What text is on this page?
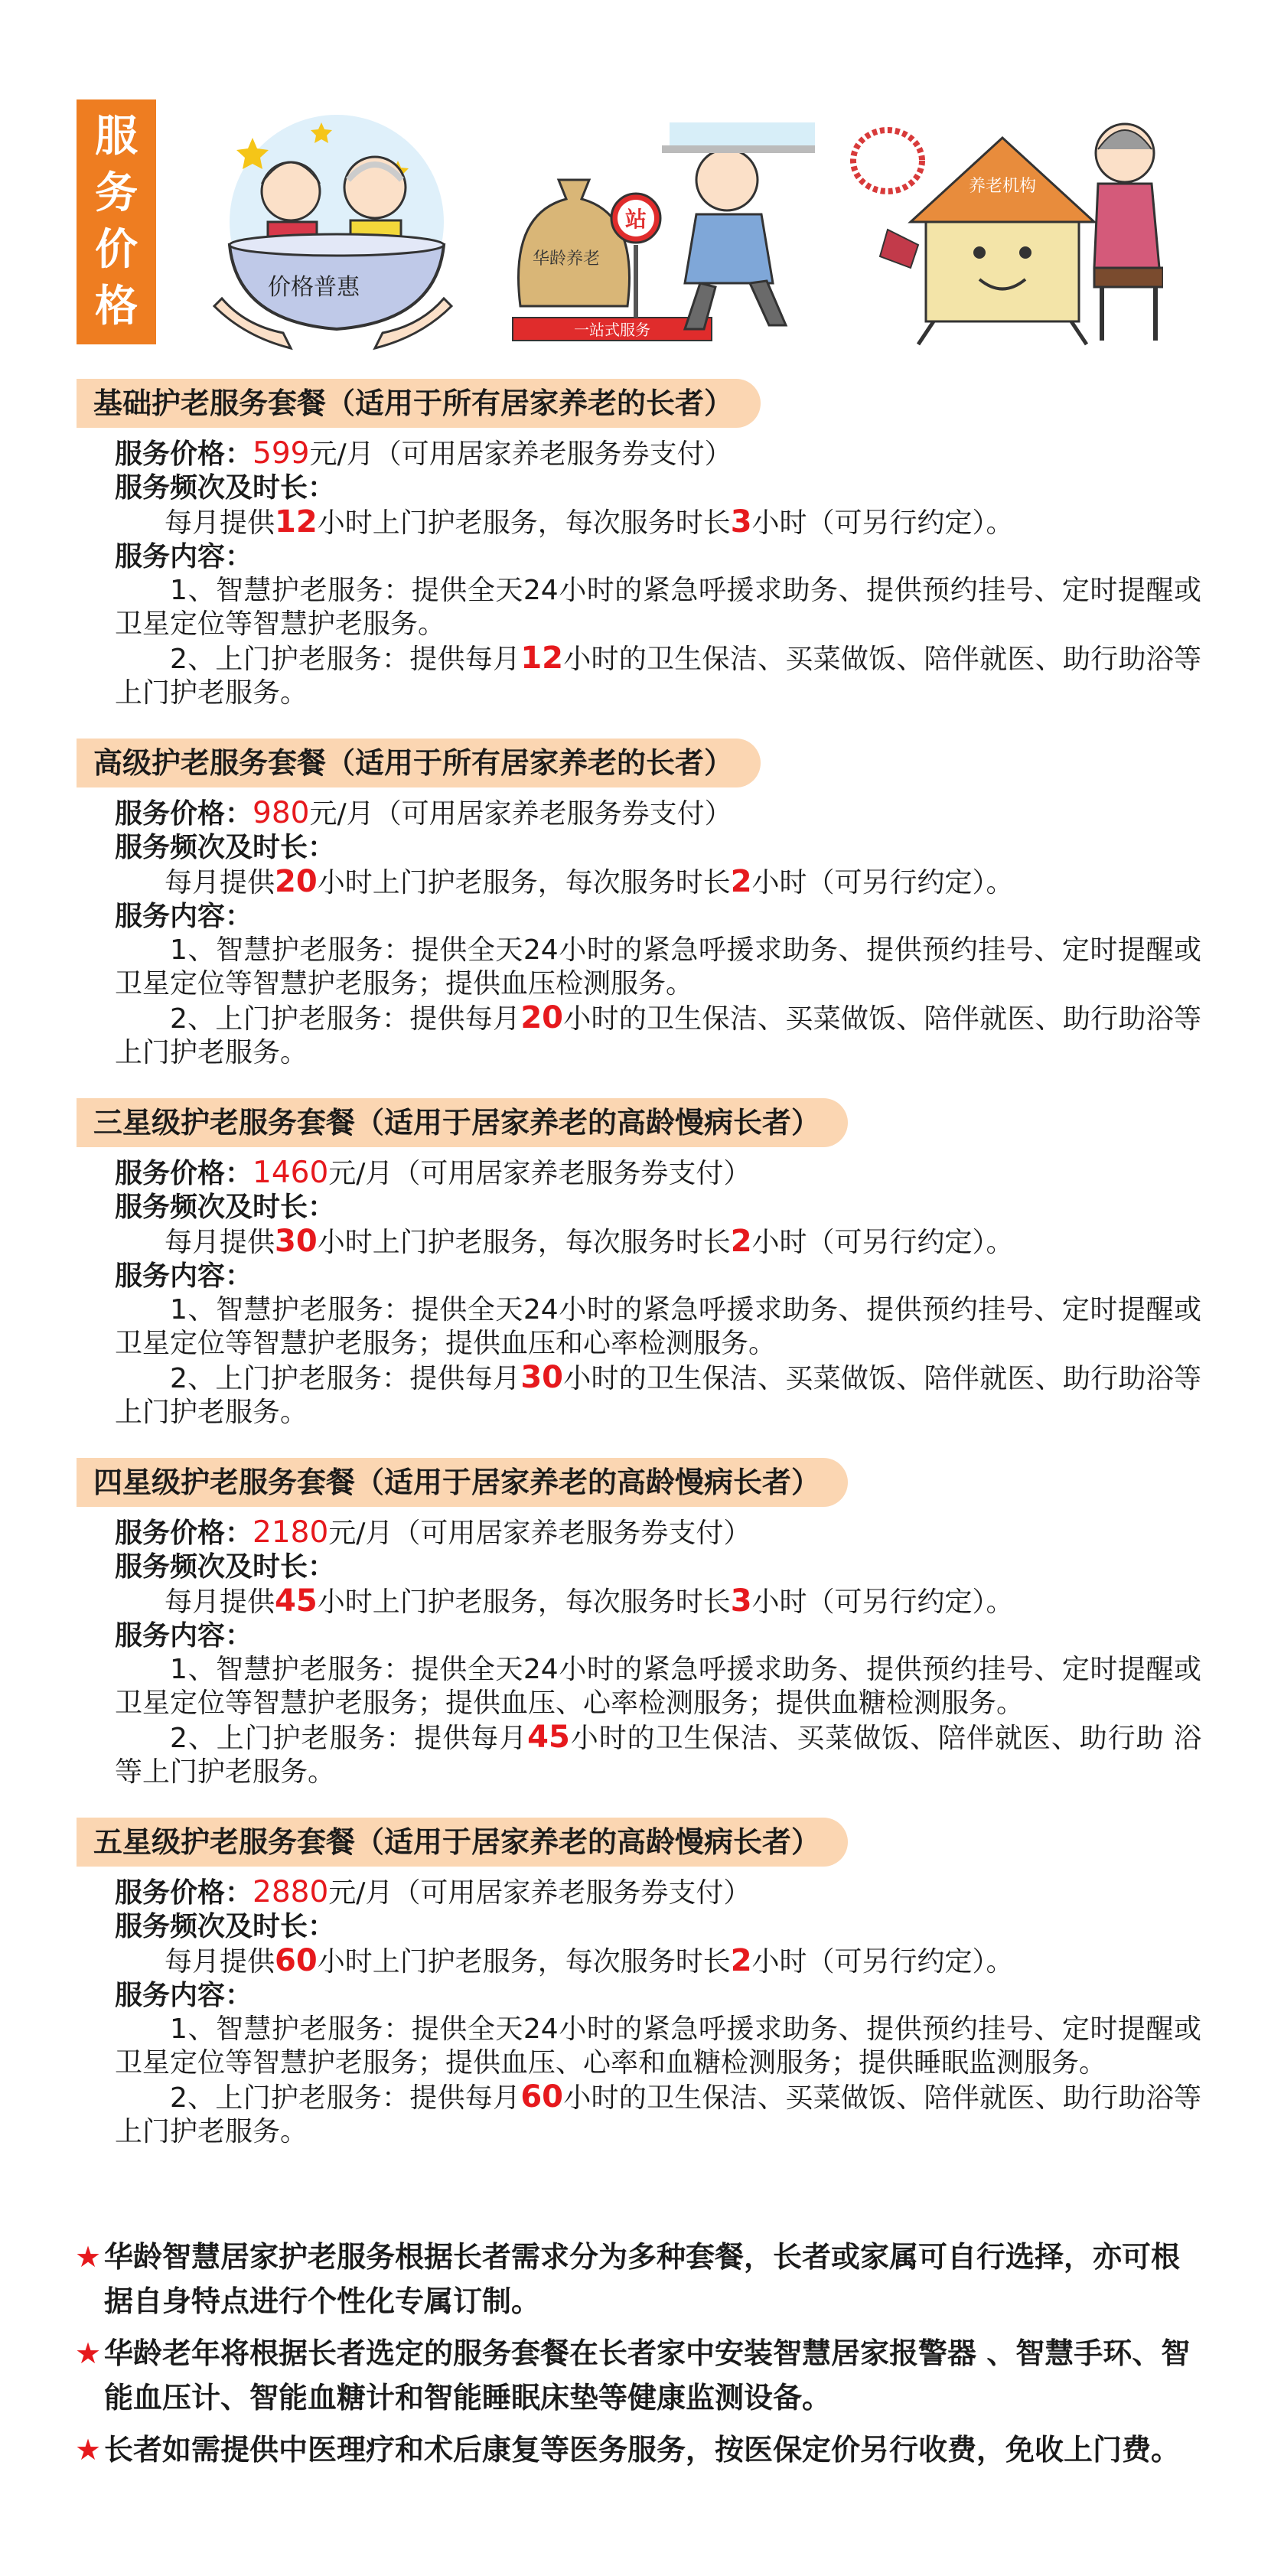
服
务
价
格	价格普惠
华龄养老
一站式服务
站
养老机构
基础护老服务套餐（适用于所有居家养老的长者）
服务价格：599元/月（可用居家养老服务券支付）
服务频次及时长：
每月提供12小时上门护老服务，每次服务时长3小时（可另行约定）。
服务内容：
1、智慧护老服务：提供全天24小时的紧急呼援求助务、提供预约挂号、定时提醒或卫星定位等智慧护老服务。
2、上门护老服务：提供每月12小时的卫生保洁、买菜做饭、陪伴就医、助行助浴等上门护老服务。
高级护老服务套餐（适用于所有居家养老的长者）
服务价格：980元/月（可用居家养老服务券支付）
服务频次及时长：
每月提供20小时上门护老服务，每次服务时长2小时（可另行约定）。
服务内容：
1、智慧护老服务：提供全天24小时的紧急呼援求助务、提供预约挂号、定时提醒或卫星定位等智慧护老服务；提供血压检测服务。
2、上门护老服务：提供每月20小时的卫生保洁、买菜做饭、陪伴就医、助行助浴等上门护老服务。
三星级护老服务套餐（适用于居家养老的高龄慢病长者）
服务价格：1460元/月（可用居家养老服务券支付）
服务频次及时长：
每月提供30小时上门护老服务，每次服务时长2小时（可另行约定）。
服务内容：
1、智慧护老服务：提供全天24小时的紧急呼援求助务、提供预约挂号、定时提醒或卫星定位等智慧护老服务；提供血压和心率检测服务。
2、上门护老服务：提供每月30小时的卫生保洁、买菜做饭、陪伴就医、助行助浴等上门护老服务。
四星级护老服务套餐（适用于居家养老的高龄慢病长者）
服务价格：2180元/月（可用居家养老服务券支付）
服务频次及时长：
每月提供45小时上门护老服务，每次服务时长3小时（可另行约定）。
服务内容：
1、智慧护老服务：提供全天24小时的紧急呼援求助务、提供预约挂号、定时提醒或卫星定位等智慧护老服务；提供血压、心率检测服务；提供血糖检测服务。
2、上门护老服务：提供每月45小时的卫生保洁、买菜做饭、陪伴就医、助行助 浴等上门护老服务。
五星级护老服务套餐（适用于居家养老的高龄慢病长者）
服务价格：2880元/月（可用居家养老服务券支付）
服务频次及时长：
每月提供60小时上门护老服务，每次服务时长2小时（可另行约定）。
服务内容：
1、智慧护老服务：提供全天24小时的紧急呼援求助务、提供预约挂号、定时提醒或卫星定位等智慧护老服务；提供血压、心率和血糖检测服务；提供睡眠监测服务。
2、上门护老服务：提供每月60小时的卫生保洁、买菜做饭、陪伴就医、助行助浴等上门护老服务。
★ 华龄智慧居家护老服务根据长者需求分为多种套餐，长者或家属可自行选择，亦可根据自身特点进行个性化专属订制。
★ 华龄老年将根据长者选定的服务套餐在长者家中安装智慧居家报警器 、智慧手环、智能血压计、智能血糖计和智能睡眠床垫等健康监测设备。
★ 长者如需提供中医理疗和术后康复等医务服务，按医保定价另行收费，免收上门费。
